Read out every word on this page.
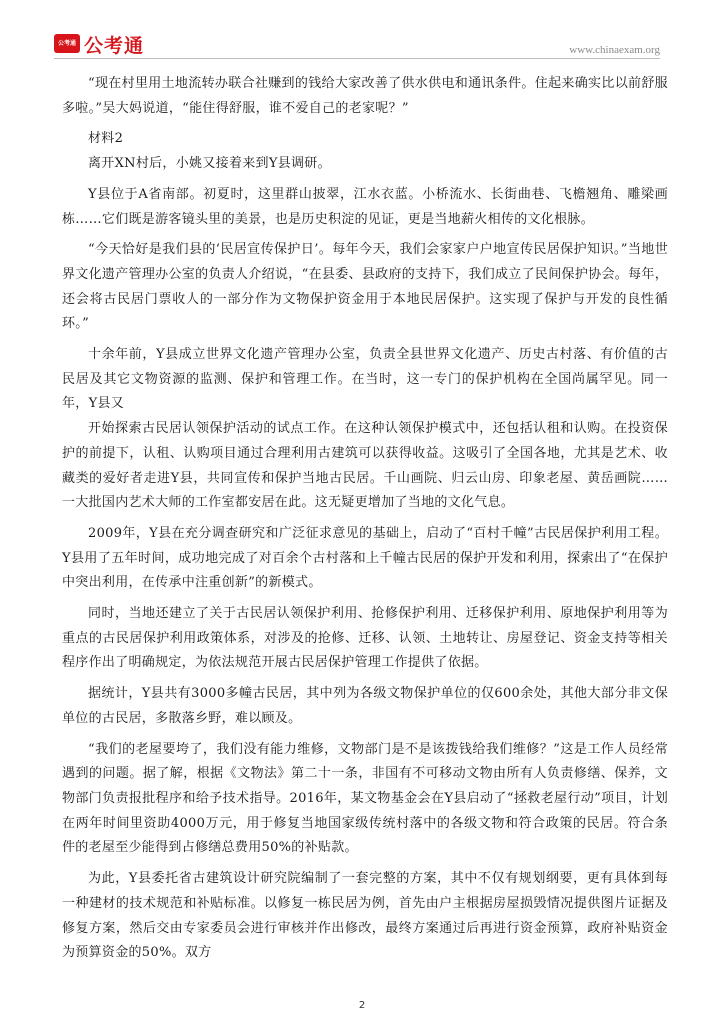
公考通 公考通	www.chinaexam.org

“现在村里用土地流转办联合社赚到的钱给大家改善了供水供电和通讯条件。住起来确实比以前舒服多啦。”吴大妈说道，“能住得舒服，谁不爱自己的老家呢？”

材料2

离开XN村后，小姚又接着来到Y县调研。

Y县位于A省南部。初夏时，这里群山披翠，江水衣蓝。小桥流水、长街曲巷、飞檐翘角、雕梁画栋……它们既是游客镜头里的美景，也是历史积淀的见证，更是当地薪火相传的文化根脉。

“今天恰好是我们县的‘民居宣传保护日’。每年今天，我们会家家户户地宣传民居保护知识。”当地世界文化遗产管理办公室的负责人介绍说，“在县委、县政府的支持下，我们成立了民间保护协会。每年，还会将古民居门票收人的一部分作为文物保护资金用于本地民居保护。这实现了保护与开发的良性循环。”

十余年前，Y县成立世界文化遗产管理办公室，负责全县世界文化遗产、历史古村落、有价值的古民居及其它文物资源的监测、保护和管理工作。在当时，这一专门的保护机构在全国尚属罕见。同一年，Y县又

开始探索古民居认领保护活动的试点工作。在这种认领保护模式中，还包括认租和认购。在投资保护的前提下，认租、认购项目通过合理利用古建筑可以获得收益。这吸引了全国各地，尤其是艺术、收藏类的爱好者走进Y县，共同宣传和保护当地古民居。千山画院、归云山房、印象老屋、黄岳画院……一大批国内艺术大师的工作室都安居在此。这无疑更增加了当地的文化气息。

2009年，Y县在充分调查研究和广泛征求意见的基础上，启动了“百村千幢”古民居保护利用工程。Y县用了五年时间，成功地完成了对百余个古村落和上千幢古民居的保护开发和利用，探索出了“在保护中突出利用，在传承中注重创新”的新模式。

同时，当地还建立了关于古民居认领保护利用、抢修保护利用、迁移保护利用、原地保护利用等为重点的古民居保护利用政策体系，对涉及的抢修、迁移、认领、土地转让、房屋登记、资金支持等相关程序作出了明确规定，为依法规范开展古民居保护管理工作提供了依据。

据统计，Y县共有3000多幢古民居，其中列为各级文物保护单位的仅600余处，其他大部分非文保单位的古民居，多散落乡野，难以顾及。

“我们的老屋要垮了，我们没有能力维修，文物部门是不是该拨钱给我们维修？”这是工作人员经常遇到的问题。据了解，根据《文物法》第二十一条，非国有不可移动文物由所有人负责修缮、保养，文物部门负责报批程序和给予技术指导。2016年，某文物基金会在Y县启动了“拯救老屋行动”项目，计划在两年时间里资助4000万元，用于修复当地国家级传统村落中的各级文物和符合政策的民居。符合条件的老屋至少能得到占修缮总费用50%的补贴款。

为此，Y县委托省古建筑设计研究院编制了一套完整的方案，其中不仅有规划纲要，更有具体到每一种建材的技术规范和补贴标准。以修复一栋民居为例，首先由户主根据房屋损毁情况提供图片证据及修复方案，然后交由专家委员会进行审核并作出修改，最终方案通过后再进行资金预算，政府补贴资金为预算资金的50%。双方

2
